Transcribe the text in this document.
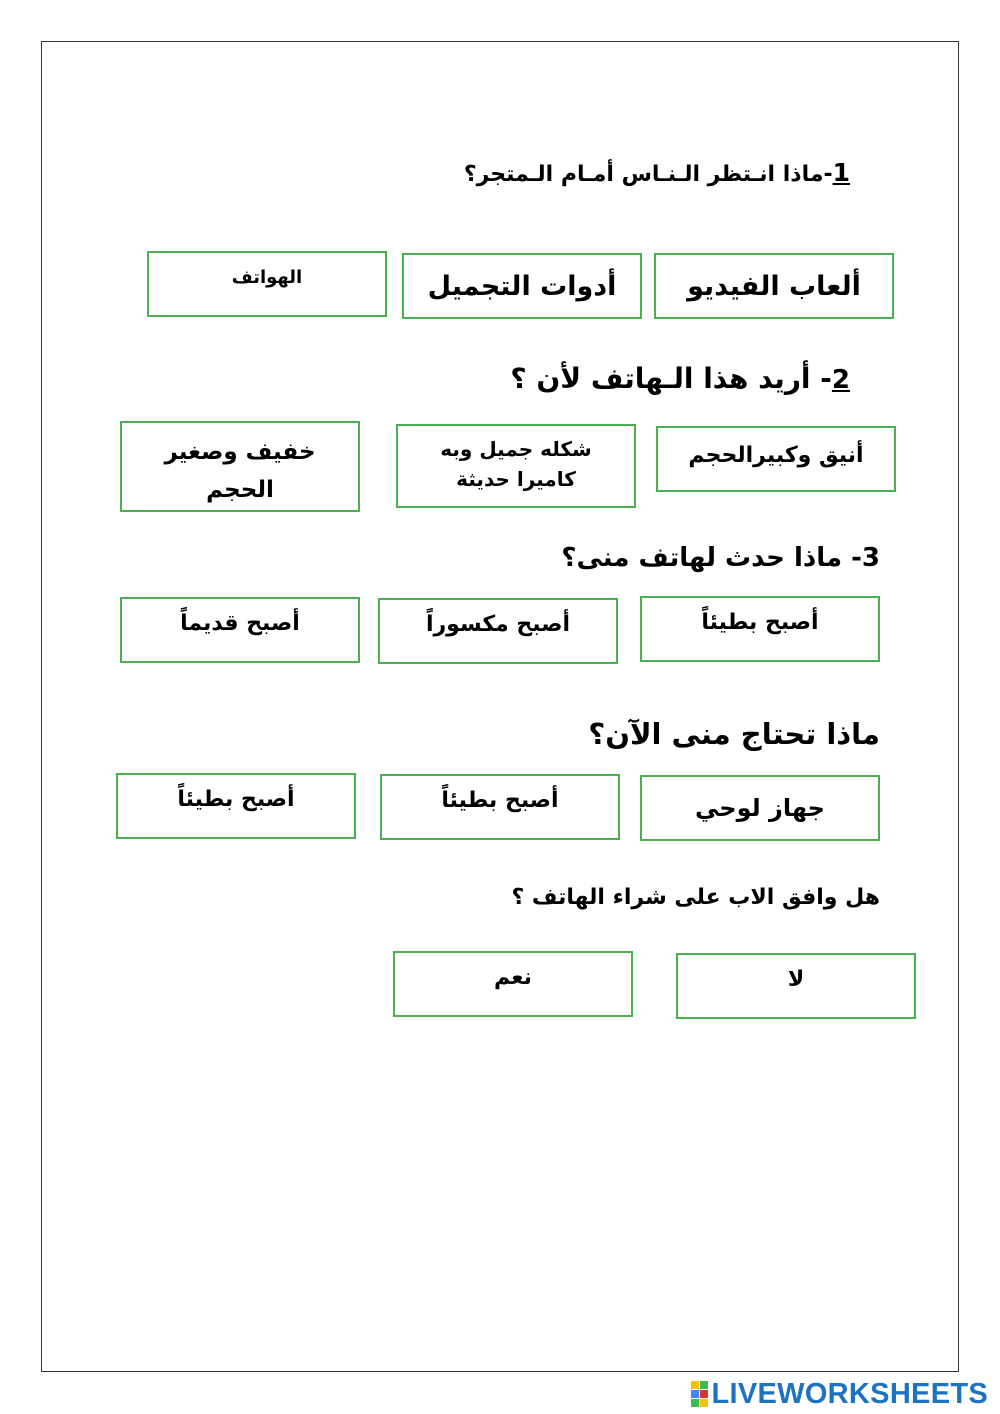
1-ماذا انـتظر الـنـاس أمـام الـمتجر؟
ألعاب الفيديو
أدوات التجميل
الهواتف
2- أريد هذا الـهاتف لأن ؟
أنيق وكبيرالحجم
شكله جميل وبه كاميرا حديثة
خفيف وصغير الحجم
3- ماذا حدث لهاتف منى؟
أصبح بطيئاً
أصبح مكسوراً
أصبح قديماً
ماذا تحتاج منى الآن؟
جهاز لوحي
أصبح بطيئاً
أصبح بطيئاً
هل وافق الاب على شراء الهاتف ؟
لا
نعم
LIVEWORKSHEETS
